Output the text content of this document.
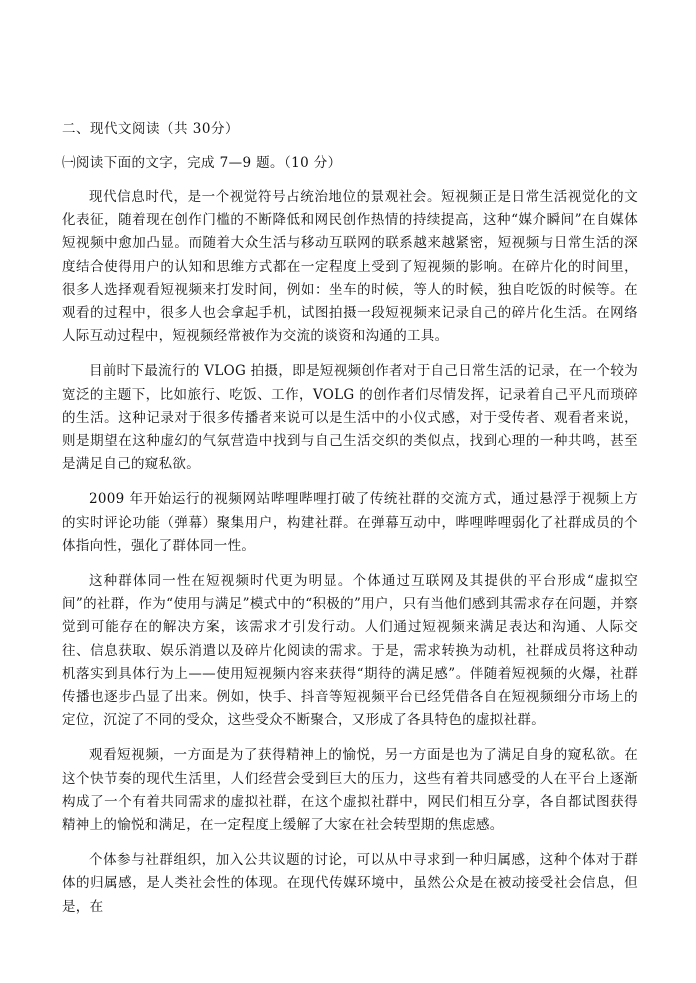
二、现代文阅读（共 30分）
㈠阅读下面的文字，完成 7—9 题。（10 分）

现代信息时代，是一个视觉符号占统治地位的景观社会。短视频正是日常生活视觉化的文化表征，随着现在创作门槛的不断降低和网民创作热情的持续提高，这种“媒介瞬间”在自媒体短视频中愈加凸显。而随着大众生活与移动互联网的联系越来越紧密，短视频与日常生活的深度结合使得用户的认知和思维方式都在一定程度上受到了短视频的影响。在碎片化的时间里，很多人选择观看短视频来打发时间，例如：坐车的时候，等人的时候，独自吃饭的时候等。在观看的过程中，很多人也会拿起手机，试图拍摄一段短视频来记录自己的碎片化生活。在网络人际互动过程中，短视频经常被作为交流的谈资和沟通的工具。

目前时下最流行的 VLOG 拍摄，即是短视频创作者对于自己日常生活的记录，在一个较为宽泛的主题下，比如旅行、吃饭、工作，VOLG 的创作者们尽情发挥，记录着自己平凡而琐碎的生活。这种记录对于很多传播者来说可以是生活中的小仪式感，对于受传者、观看者来说，则是期望在这种虚幻的气氛营造中找到与自己生活交织的类似点，找到心理的一种共鸣，甚至是满足自己的窥私欲。

2009 年开始运行的视频网站哔哩哔哩打破了传统社群的交流方式，通过悬浮于视频上方的实时评论功能（弹幕）聚集用户，构建社群。在弹幕互动中，哔哩哔哩弱化了社群成员的个体指向性，强化了群体同一性。

这种群体同一性在短视频时代更为明显。个体通过互联网及其提供的平台形成“虚拟空间”的社群，作为“使用与满足”模式中的“积极的”用户，只有当他们感到其需求存在问题，并察觉到可能存在的解决方案，该需求才引发行动。人们通过短视频来满足表达和沟通、人际交往、信息获取、娱乐消遣以及碎片化阅读的需求。于是，需求转换为动机，社群成员将这种动机落实到具体行为上——使用短视频内容来获得“期待的满足感”。伴随着短视频的火爆，社群传播也逐步凸显了出来。例如，快手、抖音等短视频平台已经凭借各自在短视频细分市场上的定位，沉淀了不同的受众，这些受众不断聚合，又形成了各具特色的虚拟社群。

观看短视频，一方面是为了获得精神上的愉悦，另一方面是也为了满足自身的窥私欲。在这个快节奏的现代生活里，人们经营会受到巨大的压力，这些有着共同感受的人在平台上逐渐构成了一个有着共同需求的虚拟社群，在这个虚拟社群中，网民们相互分享，各自都试图获得精神上的愉悦和满足，在一定程度上缓解了大家在社会转型期的焦虑感。

个体参与社群组织，加入公共议题的讨论，可以从中寻求到一种归属感，这种个体对于群体的归属感，是人类社会性的体现。在现代传媒环境中，虽然公众是在被动接受社会信息，但是，在
